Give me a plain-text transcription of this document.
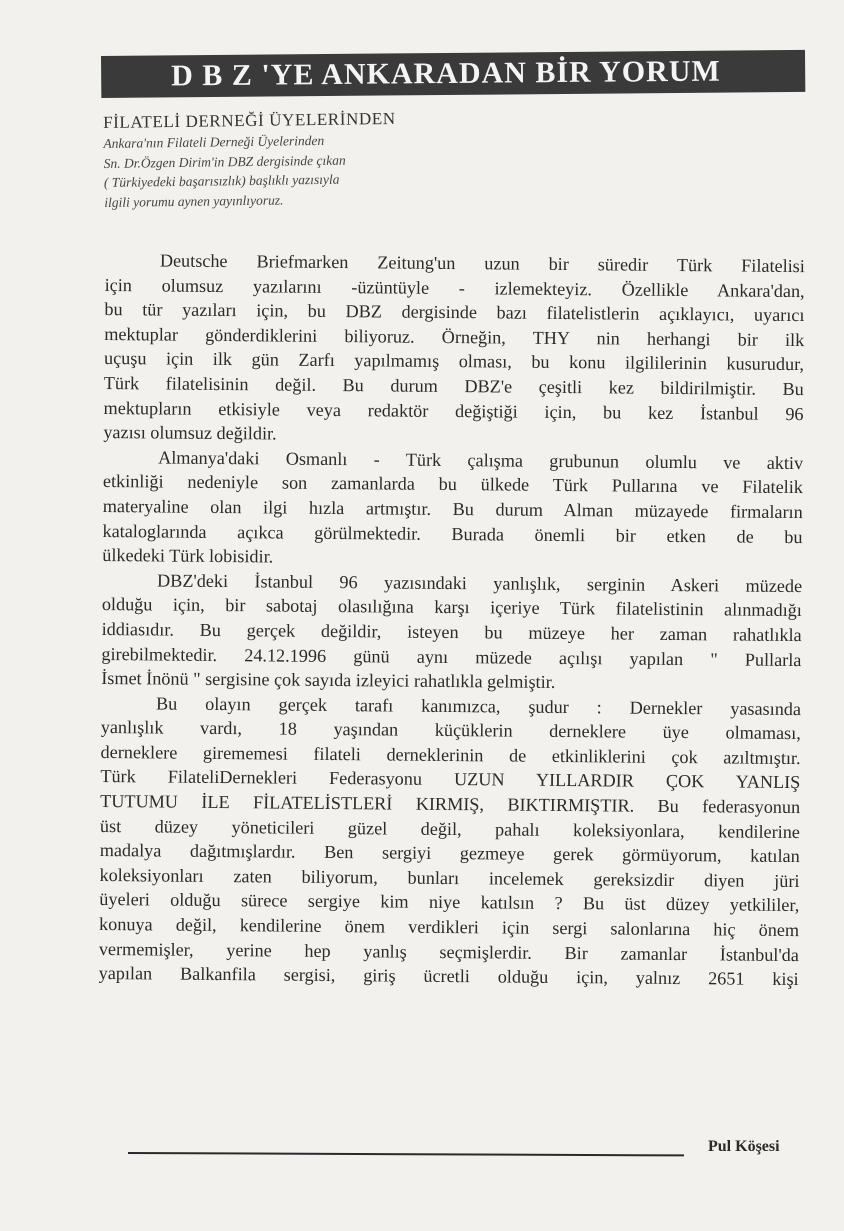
D B Z 'YE ANKARADAN BİR YORUM
FİLATELİ DERNEĞİ ÜYELERİNDEN
Ankara'nın Filateli Derneği Üyelerinden
Sn. Dr.Özgen Dirim'in DBZ dergisinde çıkan
( Türkiyedeki başarısızlık) başlıklı yazısıyla
ilgili yorumu aynen yayınlıyoruz.
Deutsche Briefmarken Zeitung'un uzun bir süredir Türk Filatelisi
için olumsuz yazılarını -üzüntüyle - izlemekteyiz. Özellikle Ankara'dan,
bu tür yazıları için, bu DBZ dergisinde bazı filatelistlerin açıklayıcı, uyarıcı
mektuplar gönderdiklerini biliyoruz. Örneğin, THY nin herhangi bir ilk
uçuşu için ilk gün Zarfı yapılmamış olması, bu konu ilgililerinin kusurudur,
Türk filatelisinin değil. Bu durum DBZ'e çeşitli kez bildirilmiştir. Bu
mektupların etkisiyle veya redaktör değiştiği için, bu kez İstanbul 96
yazısı olumsuz değildir.
Almanya'daki Osmanlı - Türk çalışma grubunun olumlu ve aktiv
etkinliği nedeniyle son zamanlarda bu ülkede Türk Pullarına ve Filatelik
materyaline olan ilgi hızla artmıştır. Bu durum Alman müzayede firmaların
kataloglarında açıkca görülmektedir. Burada önemli bir etken de bu
ülkedeki Türk lobisidir.
DBZ'deki İstanbul 96 yazısındaki yanlışlık, serginin Askeri müzede
olduğu için, bir sabotaj olasılığına karşı içeriye Türk filatelistinin alınmadığı
iddiasıdır. Bu gerçek değildir, isteyen bu müzeye her zaman rahatlıkla
girebilmektedir. 24.12.1996 günü aynı müzede açılışı yapılan " Pullarla
İsmet İnönü " sergisine çok sayıda izleyici rahatlıkla gelmiştir.
Bu olayın gerçek tarafı kanımızca, şudur : Dernekler yasasında
yanlışlık vardı, 18 yaşından küçüklerin derneklere üye olmaması,
derneklere girememesi filateli derneklerinin de etkinliklerini çok azıltmıştır.
Türk FilateliDernekleri Federasyonu UZUN YILLARDIR ÇOK YANLIŞ
TUTUMU İLE FİLATELİSTLERİ KIRMIŞ, BIKTIRMIŞTIR. Bu federasyonun
üst düzey yöneticileri güzel değil, pahalı koleksiyonlara, kendilerine
madalya dağıtmışlardır. Ben sergiyi gezmeye gerek görmüyorum, katılan
koleksiyonları zaten biliyorum, bunları incelemek gereksizdir diyen jüri
üyeleri olduğu sürece sergiye kim niye katılsın ? Bu üst düzey yetkililer,
konuya değil, kendilerine önem verdikleri için sergi salonlarına hiç önem
vermemişler, yerine hep yanlış seçmişlerdir. Bir zamanlar İstanbul'da
yapılan Balkanfila sergisi, giriş ücretli olduğu için, yalnız 2651 kişi
Pul Köşesi
